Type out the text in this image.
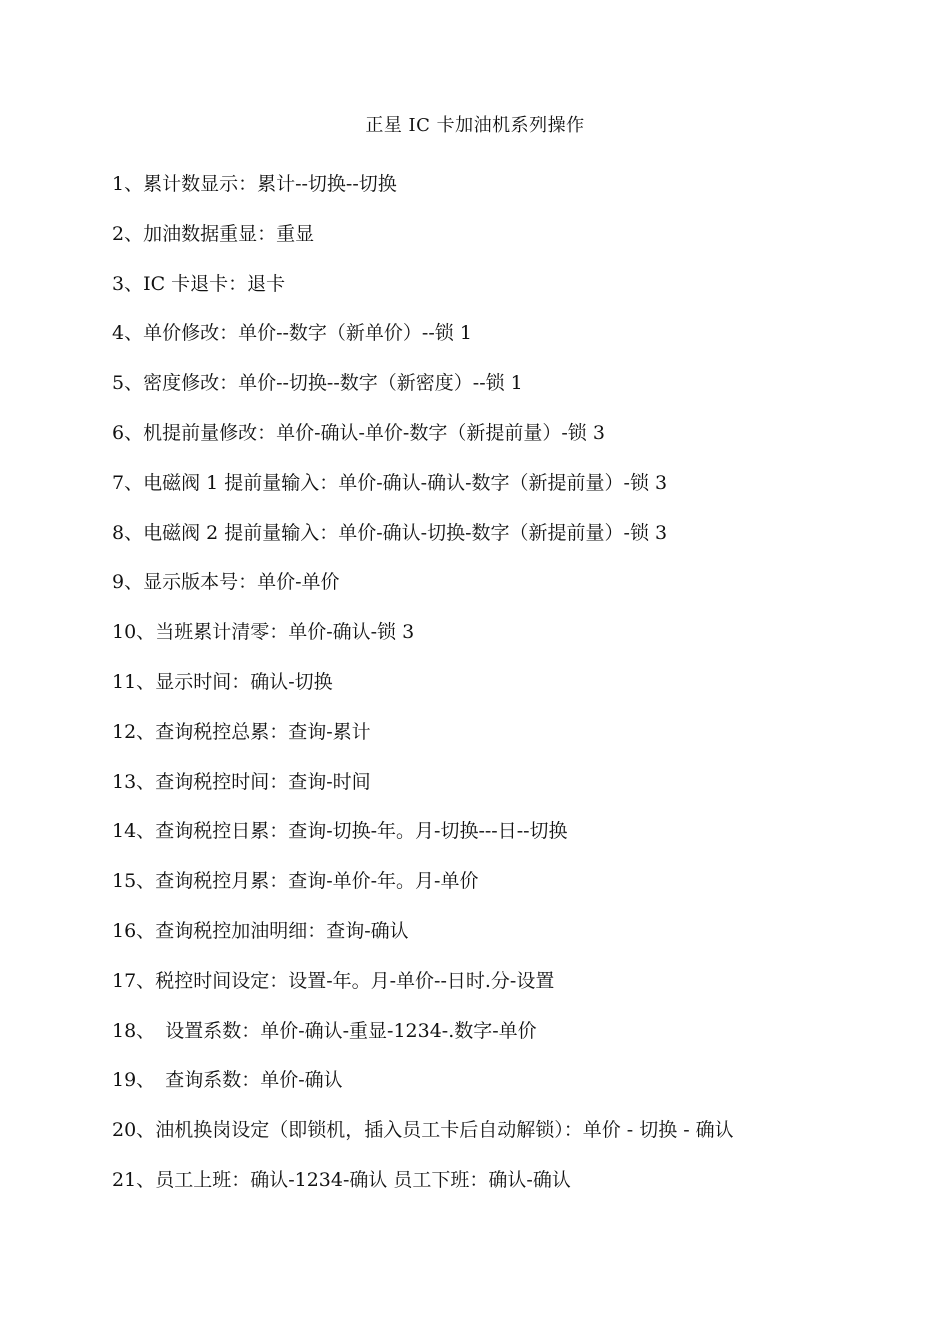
正星 IC 卡加油机系列操作
1、累计数显示：累计--切换--切换
2、加油数据重显：重显
3、IC 卡退卡：退卡
4、单价修改：单价--数字（新单价）--锁 1
5、密度修改：单价--切换--数字（新密度）--锁 1
6、机提前量修改：单价-确认-单价-数字（新提前量）-锁 3
7、电磁阀 1 提前量输入：单价-确认-确认-数字（新提前量）-锁 3
8、电磁阀 2 提前量输入：单价-确认-切换-数字（新提前量）-锁 3
9、显示版本号：单价-单价
10、当班累计清零：单价-确认-锁 3
11、显示时间：确认-切换
12、查询税控总累：查询-累计
13、查询税控时间：查询-时间
14、查询税控日累：查询-切换-年。月-切换---日--切换
15、查询税控月累：查询-单价-年。月-单价
16、查询税控加油明细：查询-确认
17、税控时间设定：设置-年。月-单价--日时.分-设置
18、 设置系数：单价-确认-重显-1234-.数字-单价
19、 查询系数：单价-确认
20、油机换岗设定（即锁机，插入员工卡后自动解锁）：单价 - 切换 - 确认
21、员工上班：确认-1234-确认 员工下班：确认-确认
